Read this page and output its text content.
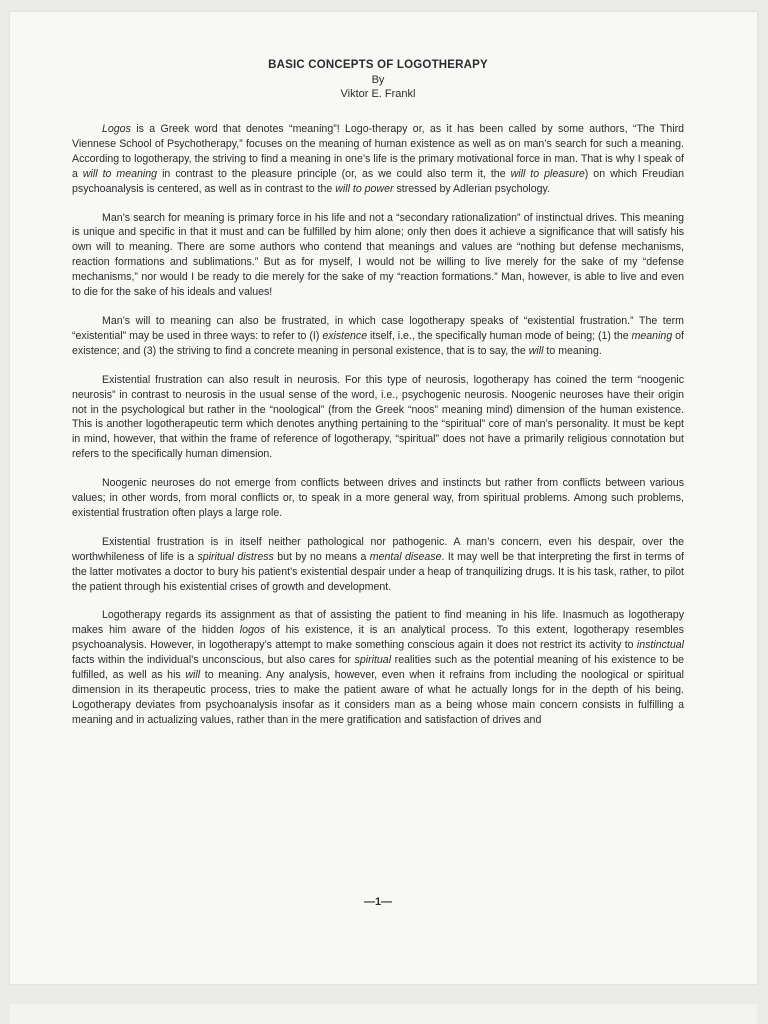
BASIC CONCEPTS OF LOGOTHERAPY
By
Viktor E. Frankl

Logos is a Greek word that denotes “meaning”! Logo-therapy or, as it has been called by some authors, “The Third Viennese School of Psychotherapy,” focuses on the meaning of human existence as well as on man’s search for such a meaning. According to logotherapy, the striving to find a meaning in one’s life is the primary motivational force in man. That is why I speak of a will to meaning in contrast to the pleasure principle (or, as we could also term it, the will to pleasure) on which Freudian psychoanalysis is centered, as well as in contrast to the will to power stressed by Adlerian psychology.

Man’s search for meaning is primary force in his life and not a “secondary rationalization” of instinctual drives. This meaning is unique and specific in that it must and can be fulfilled by him alone; only then does it achieve a significance that will satisfy his own will to meaning. There are some authors who contend that meanings and values are “nothing but defense mechanisms, reaction formations and sublimations.” But as for myself, I would not be willing to live merely for the sake of my “defense mechanisms,” nor would I be ready to die merely for the sake of my “reaction formations.” Man, however, is able to live and even to die for the sake of his ideals and values!

Man’s will to meaning can also be frustrated, in which case logotherapy speaks of “existential frustration.” The term “existential” may be used in three ways: to refer to (I) existence itself, i.e., the specifically human mode of being; (1) the meaning of existence; and (3) the striving to find a concrete meaning in personal existence, that is to say, the will to meaning.

Existential frustration can also result in neurosis. For this type of neurosis, logotherapy has coined the term “noogenic neurosis” in contrast to neurosis in the usual sense of the word, i.e., psychogenic neurosis. Noogenic neuroses have their origin not in the psychological but rather in the “noological” (from the Greek “noos” meaning mind) dimension of the human existence. This is another logotherapeutic term which denotes anything pertaining to the “spiritual” core of man’s personality. It must be kept in mind, however, that within the frame of reference of logotherapy, “spiritual” does not have a primarily religious connotation but refers to the specifically human dimension.

Noogenic neuroses do not emerge from conflicts between drives and instincts but rather from conflicts between various values; in other words, from moral conflicts or, to speak in a more general way, from spiritual problems. Among such problems, existential frustration often plays a large role.

Existential frustration is in itself neither pathological nor pathogenic. A man’s concern, even his despair, over the worthwhileness of life is a spiritual distress but by no means a mental disease. It may well be that interpreting the first in terms of the latter motivates a doctor to bury his patient’s existential despair under a heap of tranquilizing drugs. It is his task, rather, to pilot the patient through his existential crises of growth and development.

Logotherapy regards its assignment as that of assisting the patient to find meaning in his life. Inasmuch as logotherapy makes him aware of the hidden logos of his existence, it is an analytical process. To this extent, logotherapy resembles psychoanalysis. However, in logotherapy’s attempt to make something conscious again it does not restrict its activity to instinctual facts within the individual’s unconscious, but also cares for spiritual realities such as the potential meaning of his existence to be fulfilled, as well as his will to meaning. Any analysis, however, even when it refrains from including the noological or spiritual dimension in its therapeutic process, tries to make the patient aware of what he actually longs for in the depth of his being. Logotherapy deviates from psychoanalysis insofar as it considers man as a being whose main concern consists in fulfilling a meaning and in actualizing values, rather than in the mere gratification and satisfaction of drives and

—1—
